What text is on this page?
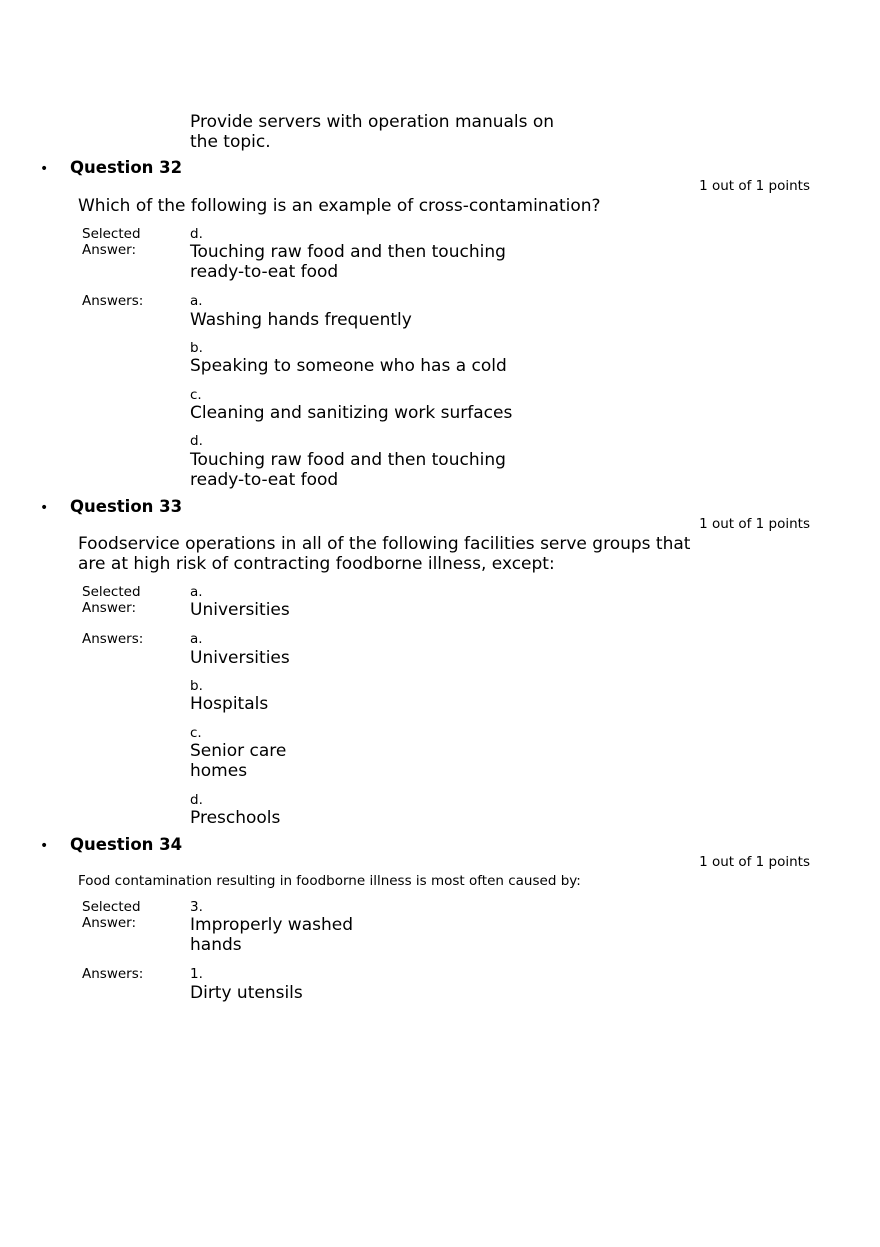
Provide servers with operation manuals on
the topic.
• Question 32
1 out of 1 points
Which of the following is an example of cross-contamination?
Selected
Answer:
d.
Touching raw food and then touching
ready-to-eat food
Answers:	a.
Washing hands frequently
b.
Speaking to someone who has a cold
c.
Cleaning and sanitizing work surfaces
d.
Touching raw food and then touching
ready-to-eat food
• Question 33
1 out of 1 points
Foodservice operations in all of the following facilities serve groups that
are at high risk of contracting foodborne illness, except:
Selected
Answer:
a.
Universities
Answers:	a.
Universities
b.
Hospitals
c.
Senior care
homes
d.
Preschools
• Question 34
1 out of 1 points
Food contamination resulting in foodborne illness is most often caused by:
Selected
Answer:
3.
Improperly washed
hands
Answers:	1.
Dirty utensils
